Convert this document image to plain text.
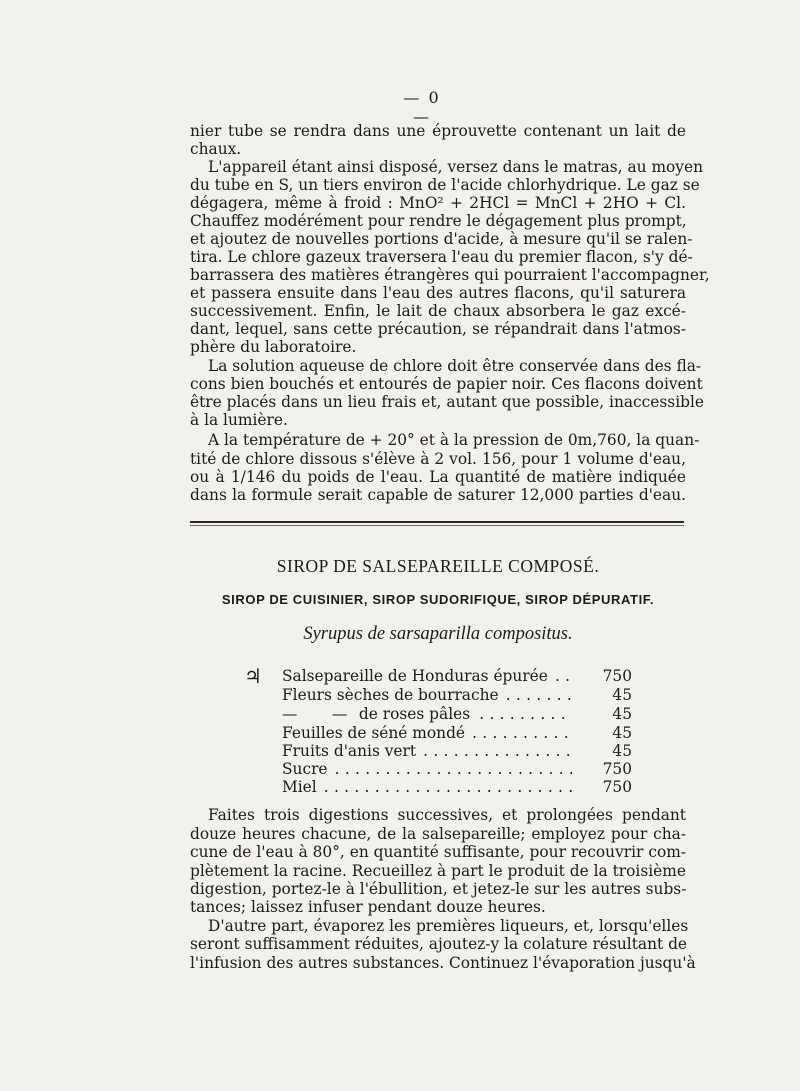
— 0 —
nier tube se rendra dans une éprouvette contenant un lait de
chaux.
L'appareil étant ainsi disposé, versez dans le matras, au moyen
du tube en S, un tiers environ de l'acide chlorhydrique. Le gaz se
dégagera, même à froid : MnO² + 2HCl = MnCl + 2HO + Cl.
Chauffez modérément pour rendre le dégagement plus prompt,
et ajoutez de nouvelles portions d'acide, à mesure qu'il se ralen-
tira. Le chlore gazeux traversera l'eau du premier flacon, s'y dé-
barrassera des matières étrangères qui pourraient l'accompagner,
et passera ensuite dans l'eau des autres flacons, qu'il saturera
successivement. Enfin, le lait de chaux absorbera le gaz excé-
dant, lequel, sans cette précaution, se répandrait dans l'atmos-
phère du laboratoire.
La solution aqueuse de chlore doit être conservée dans des fla-
cons bien bouchés et entourés de papier noir. Ces flacons doivent
être placés dans un lieu frais et, autant que possible, inaccessible
à la lumière.
A la température de + 20° et à la pression de 0m,760, la quan-
tité de chlore dissous s'élève à 2 vol. 156, pour 1 volume d'eau,
ou à 1/146 du poids de l'eau. La quantité de matière indiquée
dans la formule serait capable de saturer 12,000 parties d'eau.
SIROP DE SALSEPAREILLE COMPOSÉ.
SIROP DE CUISINIER, SIROP SUDORIFIQUE, SIROP DÉPURATIF.
Syrupus de sarsaparilla compositus.
♃ Salsepareille de Honduras épurée . . .	750
Fleurs sèches de bourrache . . .	45
— — de roses pâles . . .	45
Feuilles de séné mondé . . .	45
Fruits d'anis vert . . .	45
Sucre . . .	750
Miel . . .	750
Faites trois digestions successives, et prolongées pendant
douze heures chacune, de la salsepareille; employez pour cha-
cune de l'eau à 80°, en quantité suffisante, pour recouvrir com-
plètement la racine. Recueillez à part le produit de la troisième
digestion, portez-le à l'ébullition, et jetez-le sur les autres subs-
tances; laissez infuser pendant douze heures.
D'autre part, évaporez les premières liqueurs, et, lorsqu'elles
seront suffisamment réduites, ajoutez-y la colature résultant de
l'infusion des autres substances. Continuez l'évaporation jusqu'à
